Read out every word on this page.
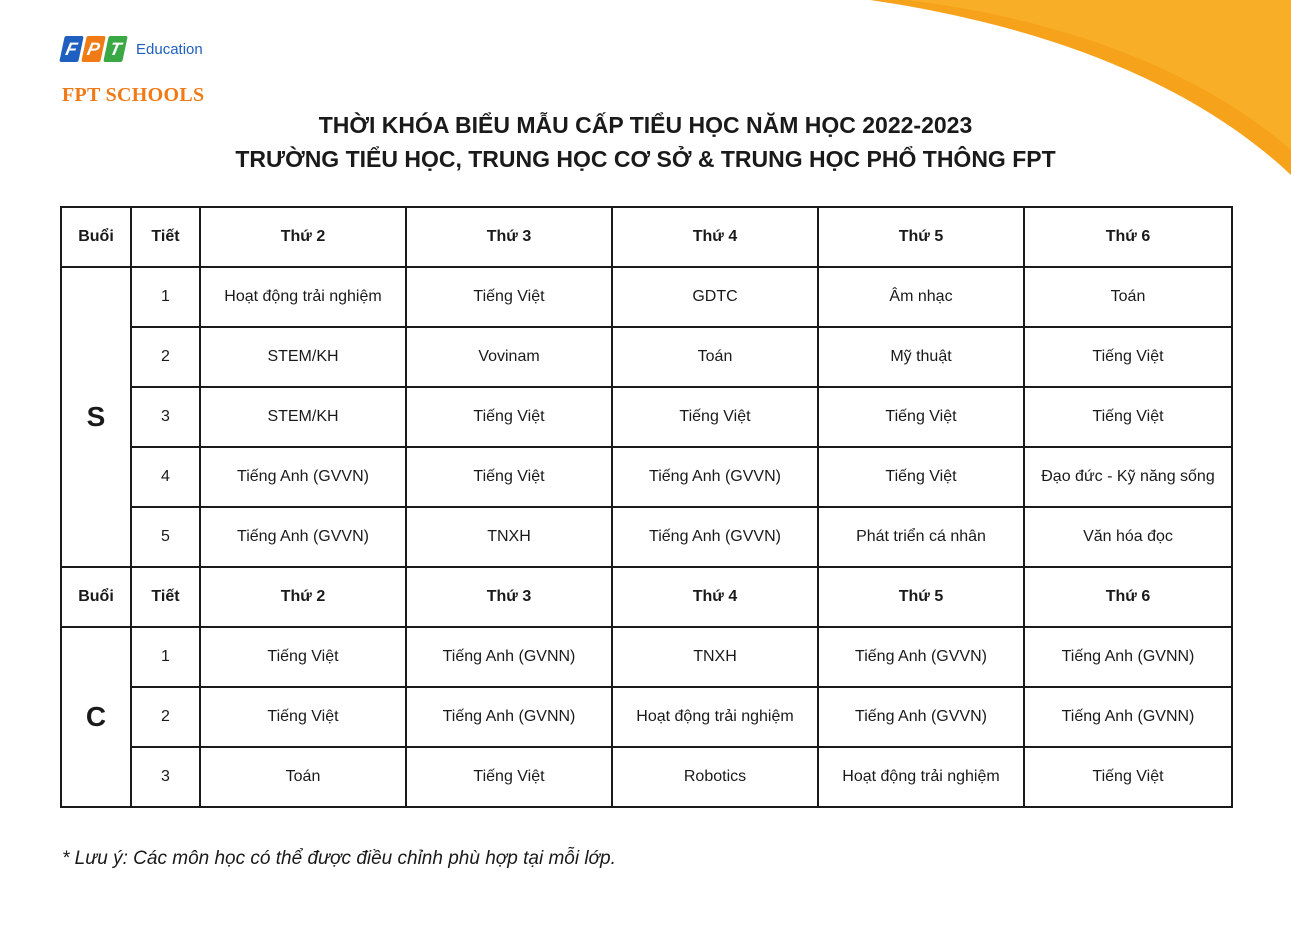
F P T Education
FPT SCHOOLS
THỜI KHÓA BIỂU MẪU CẤP TIỂU HỌC NĂM HỌC 2022-2023
TRƯỜNG TIỂU HỌC, TRUNG HỌC CƠ SỞ & TRUNG HỌC PHỔ THÔNG FPT
Buổi	Tiết	Thứ 2	Thứ 3	Thứ 4	Thứ 5	Thứ 6
S	1	Hoạt động trải nghiệm	Tiếng Việt	GDTC	Âm nhạc	Toán
	2	STEM/KH	Vovinam	Toán	Mỹ thuật	Tiếng Việt
	3	STEM/KH	Tiếng Việt	Tiếng Việt	Tiếng Việt	Tiếng Việt
	4	Tiếng Anh (GVVN)	Tiếng Việt	Tiếng Anh (GVVN)	Tiếng Việt	Đạo đức - Kỹ năng sống
	5	Tiếng Anh (GVVN)	TNXH	Tiếng Anh (GVVN)	Phát triển cá nhân	Văn hóa đọc
Buổi	Tiết	Thứ 2	Thứ 3	Thứ 4	Thứ 5	Thứ 6
C	1	Tiếng Việt	Tiếng Anh (GVNN)	TNXH	Tiếng Anh (GVVN)	Tiếng Anh (GVNN)
	2	Tiếng Việt	Tiếng Anh (GVNN)	Hoạt động trải nghiệm	Tiếng Anh (GVVN)	Tiếng Anh (GVNN)
	3	Toán	Tiếng Việt	Robotics	Hoạt động trải nghiệm	Tiếng Việt
* Lưu ý: Các môn học có thể được điều chỉnh phù hợp tại mỗi lớp.
